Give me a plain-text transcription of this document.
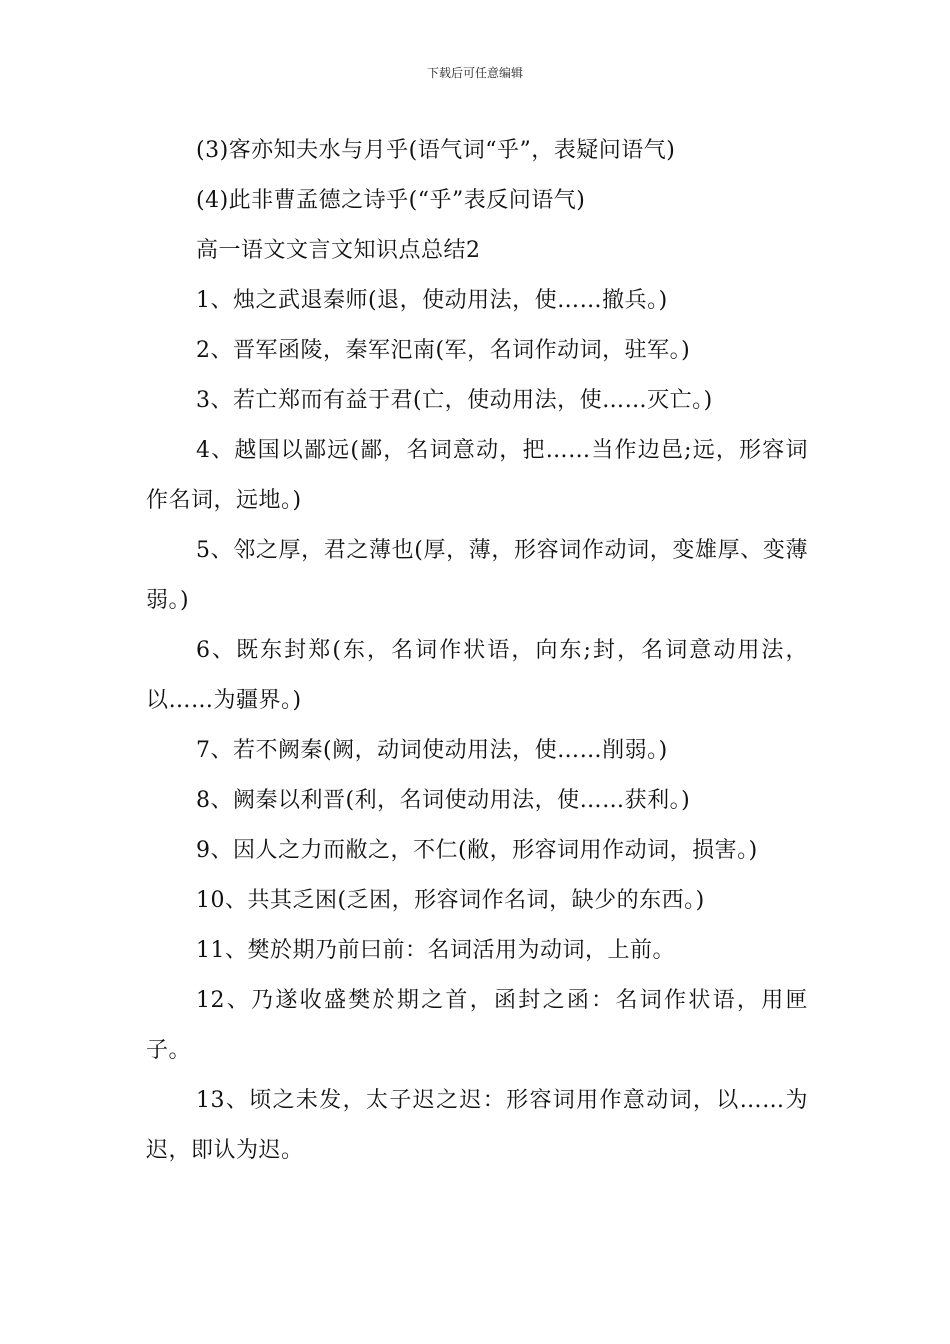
下载后可任意编辑

(3)客亦知夫水与月乎(语气词“乎”，表疑问语气)

(4)此非曹孟德之诗乎(“乎”表反问语气)

高一语文文言文知识点总结2

1、烛之武退秦师(退，使动用法，使……撤兵。)

2、晋军函陵，秦军汜南(军，名词作动词，驻军。)

3、若亡郑而有益于君(亡，使动用法，使……灭亡。)

4、越国以鄙远(鄙，名词意动，把……当作边邑;远，形容词作名词，远地。)

5、邻之厚，君之薄也(厚，薄，形容词作动词，变雄厚、变薄弱。)

6、既东封郑(东，名词作状语，向东;封，名词意动用法，以……为疆界。)

7、若不阙秦(阙，动词使动用法，使……削弱。)

8、阙秦以利晋(利，名词使动用法，使……获利。)

9、因人之力而敝之，不仁(敝，形容词用作动词，损害。)

10、共其乏困(乏困，形容词作名词，缺少的东西。)

11、樊於期乃前曰前：名词活用为动词，上前。

12、乃遂收盛樊於期之首，函封之函：名词作状语，用匣子。

13、顷之未发，太子迟之迟：形容词用作意动词，以……为迟，即认为迟。
